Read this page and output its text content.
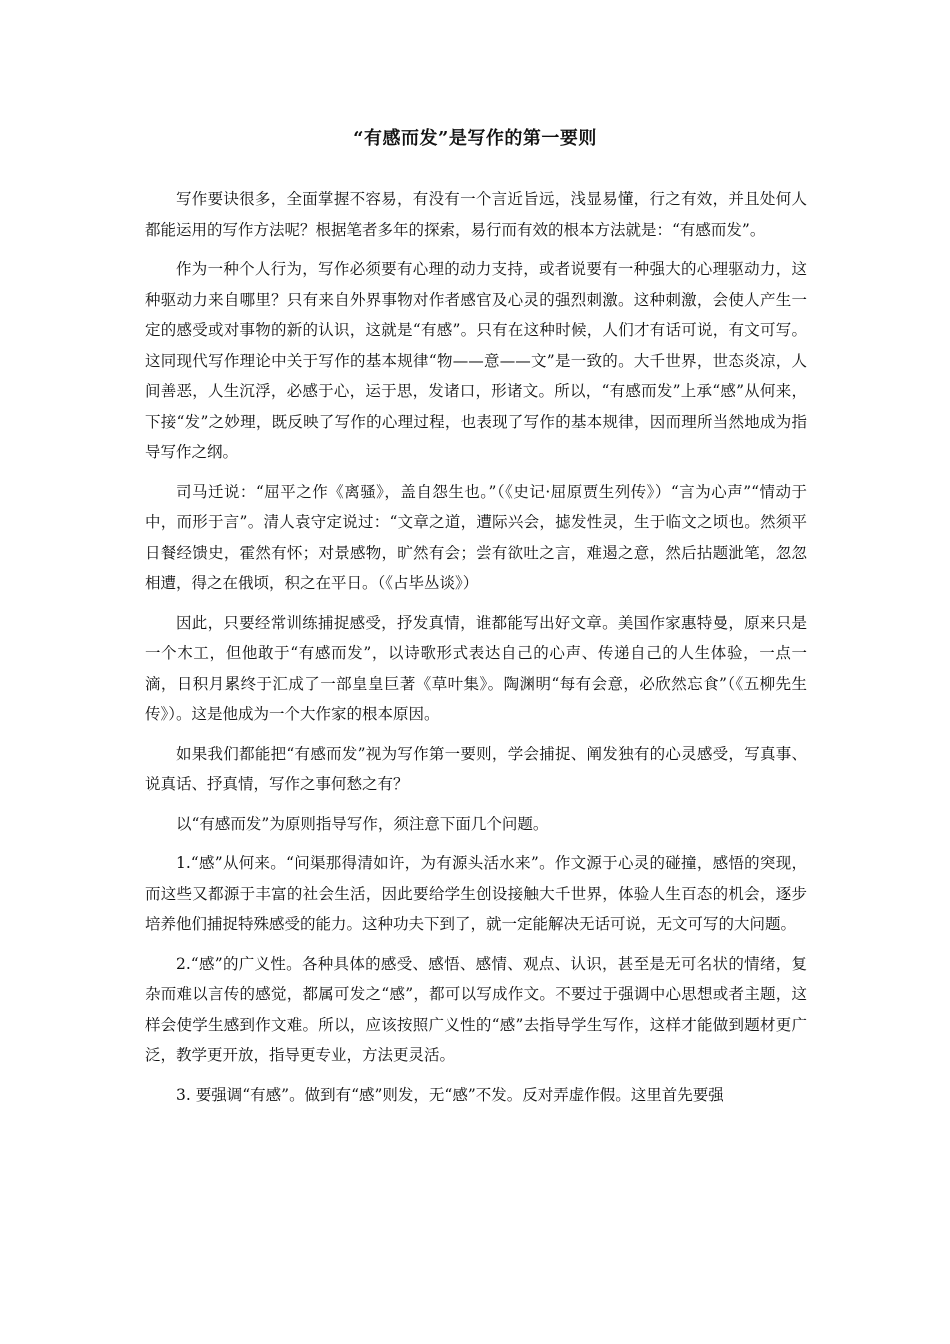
“有感而发”是写作的第一要则

写作要诀很多，全面掌握不容易，有没有一个言近旨远，浅显易懂，行之有效，并且处何人都能运用的写作方法呢？根据笔者多年的探索，易行而有效的根本方法就是：“有感而发”。

作为一种个人行为，写作必须要有心理的动力支持，或者说要有一种强大的心理驱动力，这种驱动力来自哪里？只有来自外界事物对作者感官及心灵的强烈刺激。这种刺激，会使人产生一定的感受或对事物的新的认识，这就是“有感”。只有在这种时候，人们才有话可说，有文可写。这同现代写作理论中关于写作的基本规律“物——意——文”是一致的。大千世界，世态炎凉，人间善恶，人生沉浮，必感于心，运于思，发诸口，形诸文。所以，“有感而发”上承“感”从何来，下接“发”之妙理，既反映了写作的心理过程，也表现了写作的基本规律，因而理所当然地成为指导写作之纲。

司马迁说：“屈平之作《离骚》，盖自怨生也。”（《史记·屈原贾生列传》）“言为心声”“情动于中，而形于言”。清人袁守定说过：“文章之道，遭际兴会，摅发性灵，生于临文之顷也。然须平日餐经馈史，霍然有怀；对景感物，旷然有会；尝有欲吐之言，难遏之意，然后拈题泚笔，忽忽相遭，得之在俄顷，积之在平日。（《占毕丛谈》）

因此，只要经常训练捕捉感受，抒发真情，谁都能写出好文章。美国作家惠特曼，原来只是一个木工，但他敢于“有感而发”，以诗歌形式表达自己的心声、传递自己的人生体验，一点一滴，日积月累终于汇成了一部皇皇巨著《草叶集》。陶渊明“每有会意，必欣然忘食”（《五柳先生传》）。这是他成为一个大作家的根本原因。

如果我们都能把“有感而发”视为写作第一要则，学会捕捉、阐发独有的心灵感受，写真事、说真话、抒真情，写作之事何愁之有？

以“有感而发”为原则指导写作，须注意下面几个问题。

1.“感”从何来。“问渠那得清如许，为有源头活水来”。作文源于心灵的碰撞，感悟的突现，而这些又都源于丰富的社会生活，因此要给学生创设接触大千世界，体验人生百态的机会，逐步培养他们捕捉特殊感受的能力。这种功夫下到了，就一定能解决无话可说，无文可写的大问题。

2.“感”的广义性。各种具体的感受、感悟、感情、观点、认识，甚至是无可名状的情绪，复杂而难以言传的感觉，都属可发之“感”，都可以写成作文。不要过于强调中心思想或者主题，这样会使学生感到作文难。所以，应该按照广义性的“感”去指导学生写作，这样才能做到题材更广泛，教学更开放，指导更专业，方法更灵活。

3. 要强调“有感”。做到有“感”则发，无“感”不发。反对弄虚作假。这里首先要强
